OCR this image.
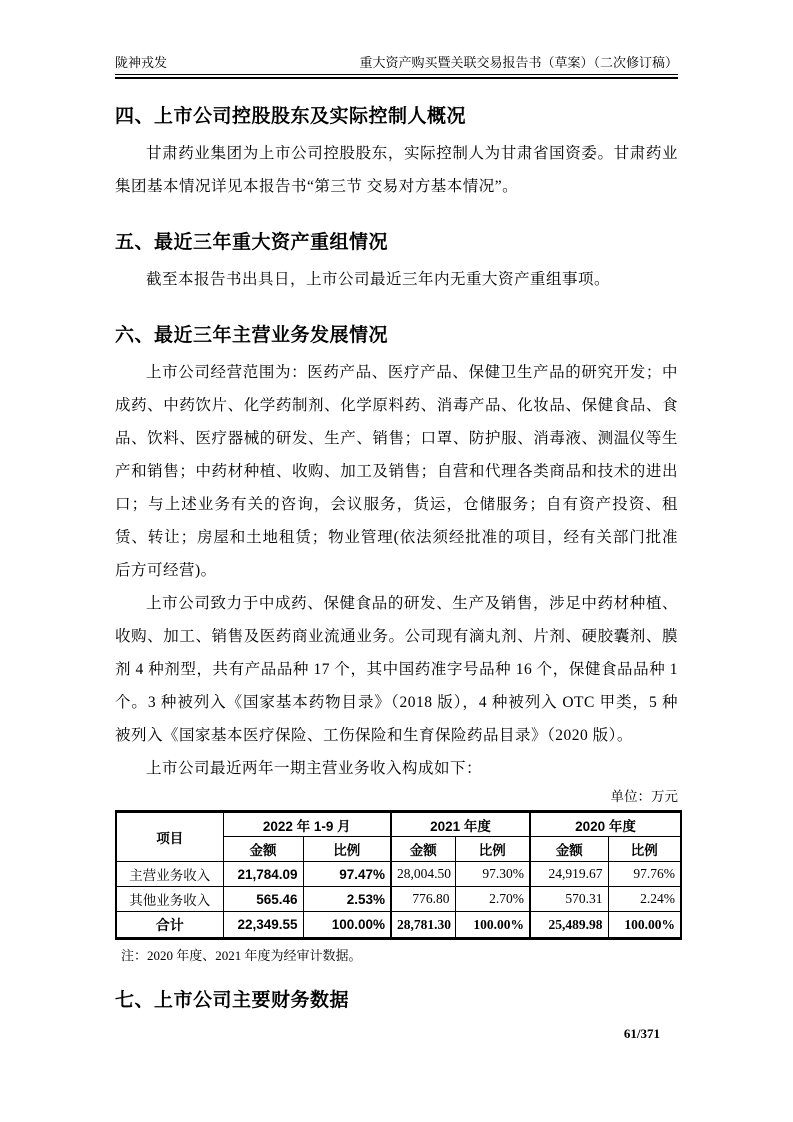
陇神戎发	重大资产购买暨关联交易报告书（草案）（二次修订稿）
四、上市公司控股股东及实际控制人概况

甘肃药业集团为上市公司控股股东，实际控制人为甘肃省国资委。甘肃药业集团基本情况详见本报告书“第三节 交易对方基本情况”。

五、最近三年重大资产重组情况

截至本报告书出具日，上市公司最近三年内无重大资产重组事项。

六、最近三年主营业务发展情况

上市公司经营范围为：医药产品、医疗产品、保健卫生产品的研究开发；中成药、中药饮片、化学药制剂、化学原料药、消毒产品、化妆品、保健食品、食品、饮料、医疗器械的研发、生产、销售；口罩、防护服、消毒液、测温仪等生产和销售；中药材种植、收购、加工及销售；自营和代理各类商品和技术的进出口；与上述业务有关的咨询，会议服务，货运，仓储服务；自有资产投资、租赁、转让；房屋和土地租赁；物业管理(依法须经批准的项目，经有关部门批准后方可经营)。

上市公司致力于中成药、保健食品的研发、生产及销售，涉足中药材种植、收购、加工、销售及医药商业流通业务。公司现有滴丸剂、片剂、硬胶囊剂、膜剂 4 种剂型，共有产品品种 17 个，其中国药准字号品种 16 个，保健食品品种 1 个。3 种被列入《国家基本药物目录》（2018 版），4 种被列入 OTC 甲类，5 种被列入《国家基本医疗保险、工伤保险和生育保险药品目录》（2020 版）。

上市公司最近两年一期主营业务收入构成如下：

单位：万元
项目	2022 年 1-9 月		2021 年度		2020 年度	
	金额	比例	金额	比例	金额	比例
主营业务收入	21,784.09	97.47%	28,004.50	97.30%	24,919.67	97.76%
其他业务收入	565.46	2.53%	776.80	2.70%	570.31	2.24%
合计	22,349.55	100.00%	28,781.30	100.00%	25,489.98	100.00%
注：2020 年度、2021 年度为经审计数据。
七、上市公司主要财务数据
61/371
